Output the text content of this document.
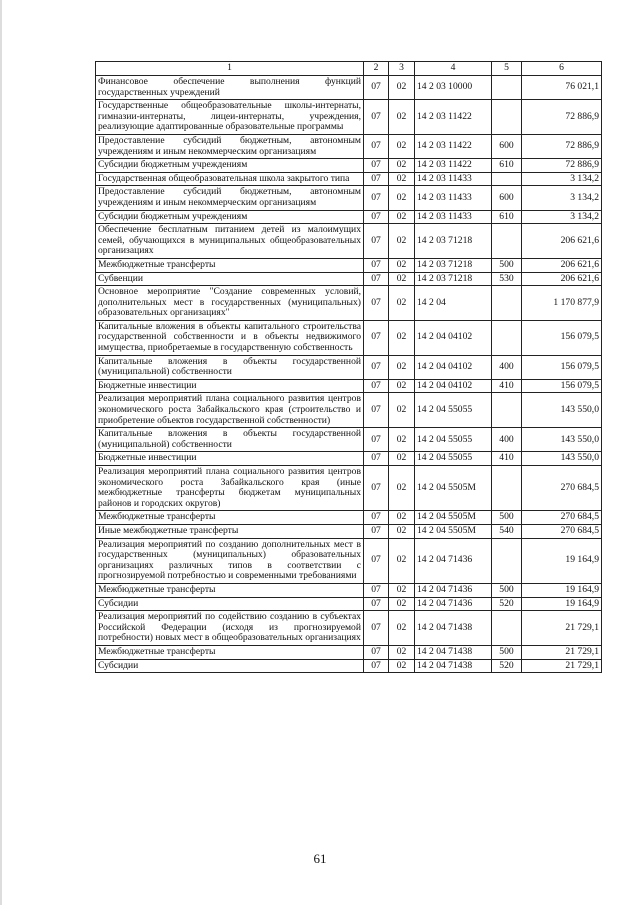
1	2	3	4	5	6
Финансовое обеспечение выполнения функций государственных учреждений	07	02	14 2 03 10000		76 021,1
Государственные общеобразовательные школы-интернаты, гимназии-интернаты, лицеи-интернаты, учреждения, реализующие адаптированные образовательные программы	07	02	14 2 03 11422		72 886,9
Предоставление субсидий бюджетным, автономным учреждениям и иным некоммерческим организациям	07	02	14 2 03 11422	600	72 886,9
Субсидии бюджетным учреждениям	07	02	14 2 03 11422	610	72 886,9
Государственная общеобразовательная школа закрытого типа	07	02	14 2 03 11433		3 134,2
Предоставление субсидий бюджетным, автономным учреждениям и иным некоммерческим организациям	07	02	14 2 03 11433	600	3 134,2
Субсидии бюджетным учреждениям	07	02	14 2 03 11433	610	3 134,2
Обеспечение бесплатным питанием детей из малоимущих семей, обучающихся в муниципальных общеобразовательных организациях	07	02	14 2 03 71218		206 621,6
Межбюджетные трансферты	07	02	14 2 03 71218	500	206 621,6
Субвенции	07	02	14 2 03 71218	530	206 621,6
Основное мероприятие "Создание современных условий, дополнительных мест в государственных (муниципальных) образовательных организациях"	07	02	14 2 04		1 170 877,9
Капитальные вложения в объекты капитального строительства государственной собственности и в объекты недвижимого имущества, приобретаемые в государственную собственность	07	02	14 2 04 04102		156 079,5
Капитальные вложения в объекты государственной (муниципальной) собственности	07	02	14 2 04 04102	400	156 079,5
Бюджетные инвестиции	07	02	14 2 04 04102	410	156 079,5
Реализация мероприятий плана социального развития центров экономического роста Забайкальского края (строительство и приобретение объектов государственной собственности)	07	02	14 2 04 55055		143 550,0
Капитальные вложения в объекты государственной (муниципальной) собственности	07	02	14 2 04 55055	400	143 550,0
Бюджетные инвестиции	07	02	14 2 04 55055	410	143 550,0
Реализация мероприятий плана социального развития центров экономического роста Забайкальского края (иные межбюджетные трансферты бюджетам муниципальных районов и городских округов)	07	02	14 2 04 5505М		270 684,5
Межбюджетные трансферты	07	02	14 2 04 5505М	500	270 684,5
Иные межбюджетные трансферты	07	02	14 2 04 5505М	540	270 684,5
Реализация мероприятий по созданию дополнительных мест в государственных (муниципальных) образовательных организациях различных типов в соответствии с прогнозируемой потребностью и современными требованиями	07	02	14 2 04 71436		19 164,9
Межбюджетные трансферты	07	02	14 2 04 71436	500	19 164,9
Субсидии	07	02	14 2 04 71436	520	19 164,9
Реализация мероприятий по содействию созданию в субъектах Российской Федерации (исходя из прогнозируемой потребности) новых мест в общеобразовательных организациях	07	02	14 2 04 71438		21 729,1
Межбюджетные трансферты	07	02	14 2 04 71438	500	21 729,1
Субсидии	07	02	14 2 04 71438	520	21 729,1
61
